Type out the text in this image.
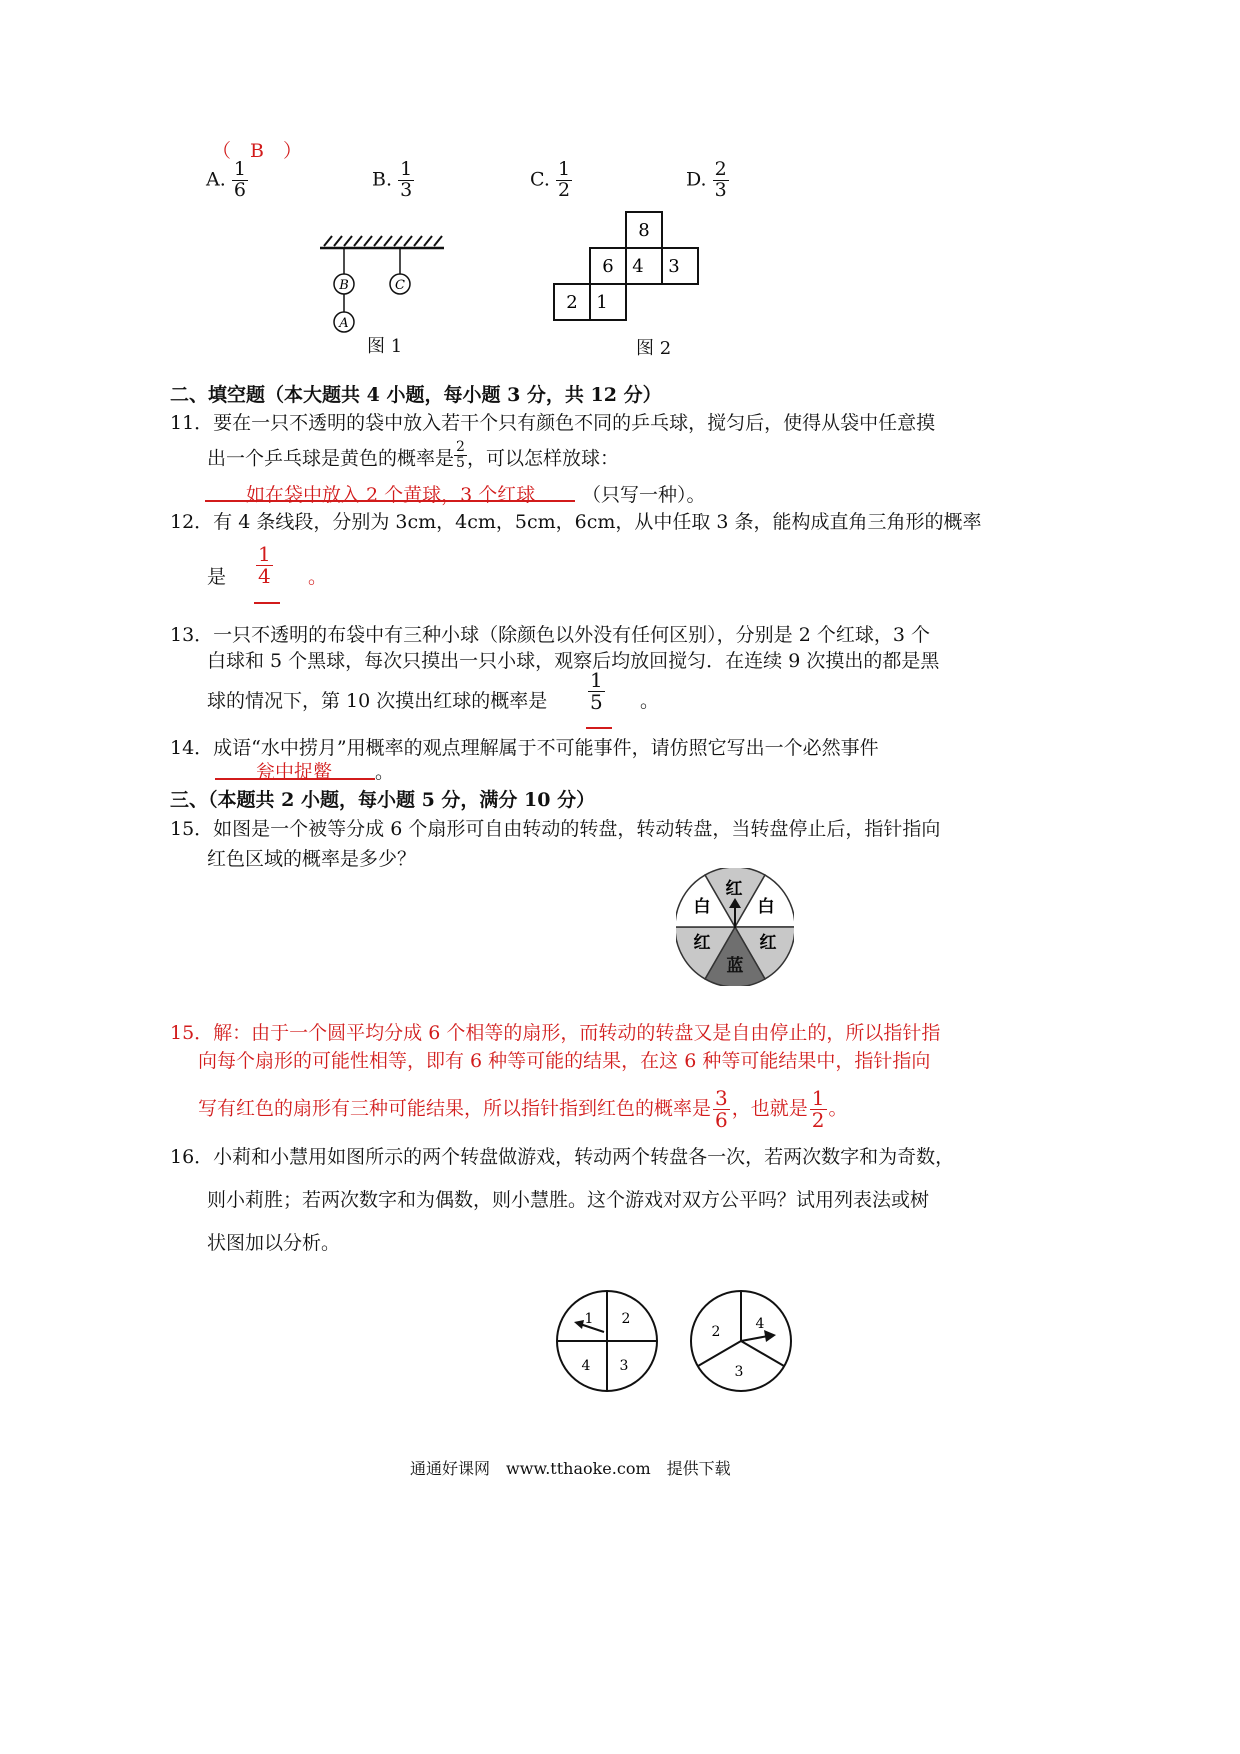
（　B　）
A. $\frac{1}{6}$	B. $\frac{1}{3}$	C. $\frac{1}{2}$	D. $\frac{2}{3}$
B
A
C
图 1
8
6 4 3
2 1
图 2
二、填空题（本大题共 4 小题，每小题 3 分，共 12 分）
11．要在一只不透明的袋中放入若干个只有颜色不同的乒乓球，搅匀后，使得从袋中任意摸
出一个乒乓球是黄色的概率是 $\frac{2}{5}$ ，可以怎样放球：
如在袋中放入 2 个黄球，3 个红球 （只写一种）。
12．有 4 条线段，分别为 3cm，4cm，5cm，6cm，从中任取 3 条，能构成直角三角形的概率
是 $\frac{1}{4}$ 。
13．一只不透明的布袋中有三种小球（除颜色以外没有任何区别），分别是 2 个红球，3 个
白球和 5 个黑球，每次只摸出一只小球，观察后均放回搅匀．在连续 9 次摸出的都是黑
球的情况下，第 10 次摸出红球的概率是 $\frac{1}{5}$ 。
14．成语“水中捞月”用概率的观点理解属于不可能事件，请仿照它写出一个必然事件
瓮中捉鳖 。
三、（本题共 2 小题，每小题 5 分，满分 10 分）
15．如图是一个被等分成 6 个扇形可自由转动的转盘，转动转盘，当转盘停止后，指针指向
红色区域的概率是多少？
红
白	白
红	红
蓝
15．解：由于一个圆平均分成 6 个相等的扇形，而转动的转盘又是自由停止的，所以指针指
向每个扇形的可能性相等，即有 6 种等可能的结果，在这 6 种等可能结果中，指针指向
写有红色的扇形有三种可能结果，所以指针指到红色的概率是 $\frac{3}{6}$ ，也就是 $\frac{1}{2}$ 。
16．小莉和小慧用如图所示的两个转盘做游戏，转动两个转盘各一次，若两次数字和为奇数，
则小莉胜；若两次数字和为偶数，则小慧胜。这个游戏对双方公平吗？试用列表法或树
状图加以分析。
1 2
4 3
2	4
3
通通好课网　www.tthaoke.com　提供下载
